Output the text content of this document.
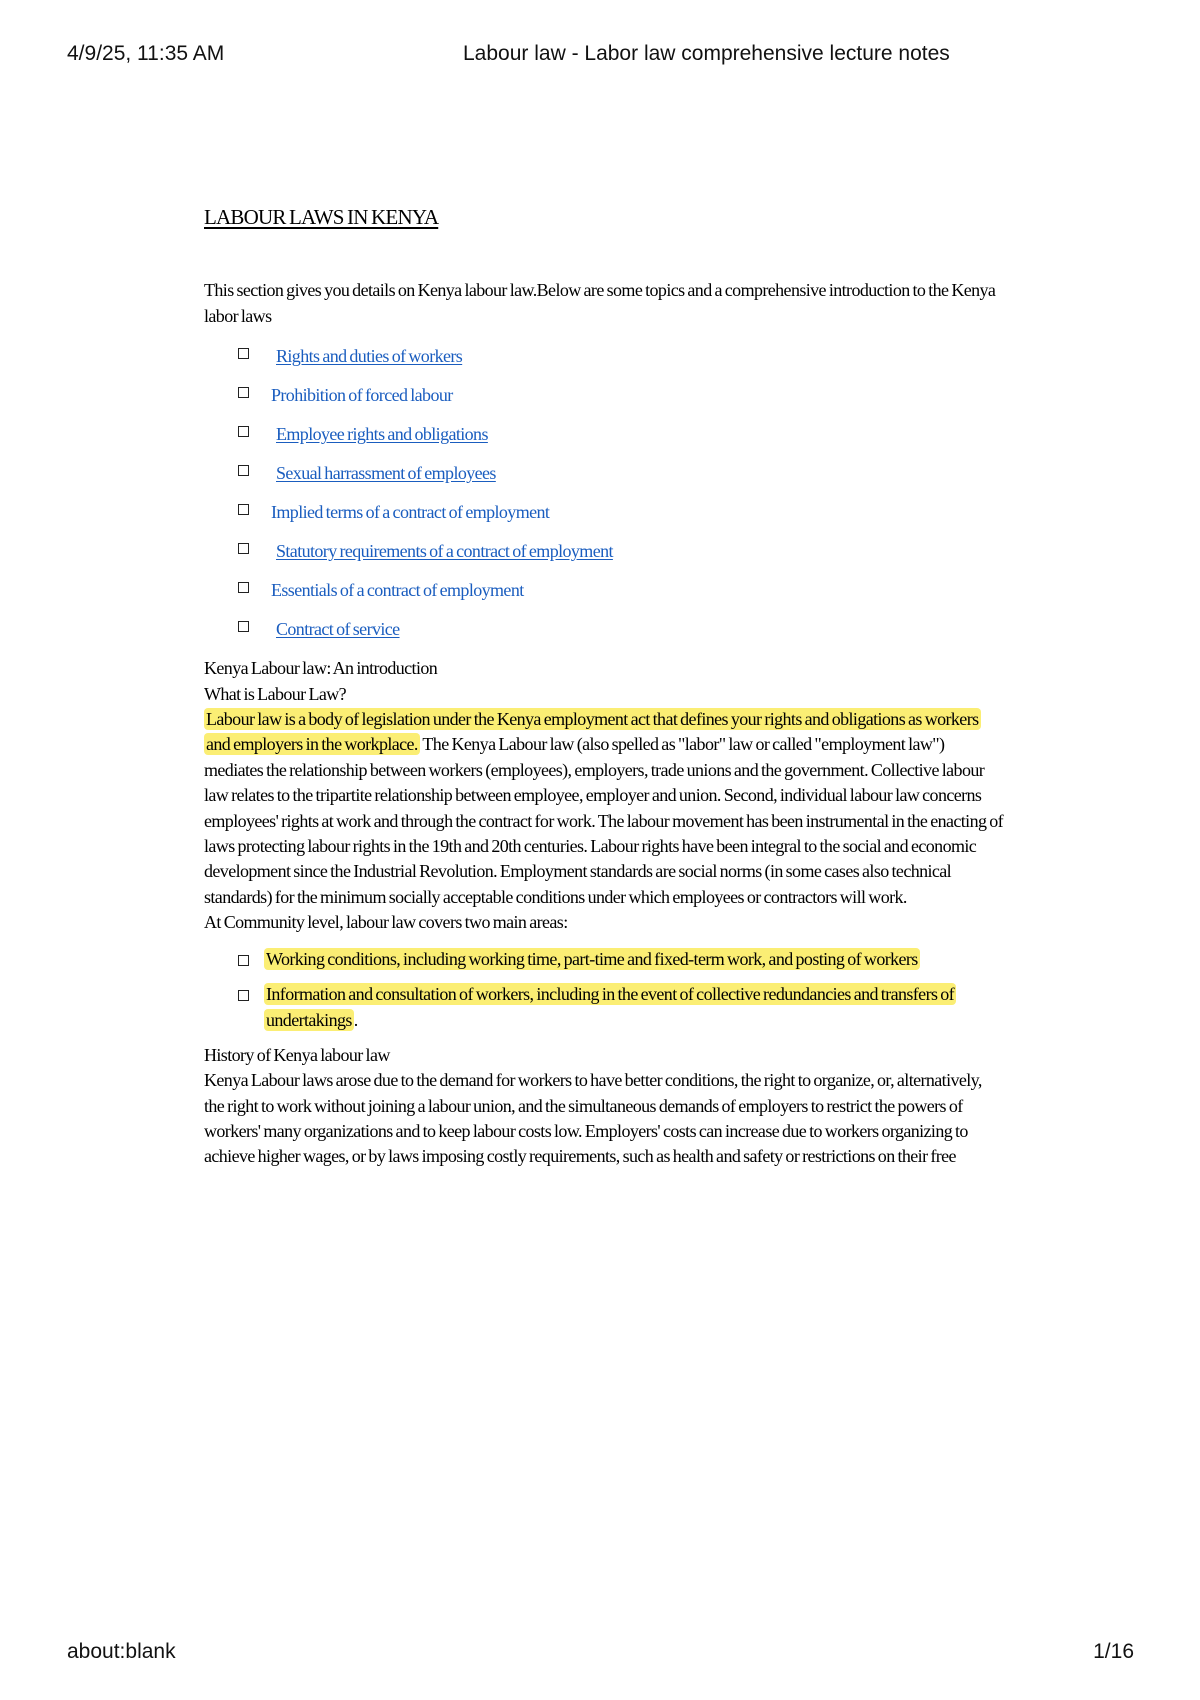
4/9/25, 11:35 AM	Labour law - Labor law comprehensive lecture notes
LABOUR LAWS IN KENYA

This section gives you details on Kenya labour law.Below are some topics and a comprehensive introduction to the Kenya labor laws

Rights and duties of workers
Prohibition of forced labour
Employee rights and obligations
Sexual harrassment of employees
Implied terms of a contract of employment
Statutory requirements of a contract of employment
Essentials of a contract of employment
Contract of service

Kenya Labour law: An introduction

What is Labour Law?

Labour law is a body of legislation under the Kenya employment act that defines your rights and obligations as workers and employers in the workplace. The Kenya Labour law (also spelled as "labor" law or called "employment law") mediates the relationship between workers (employees), employers, trade unions and the government. Collective labour law relates to the tripartite relationship between employee, employer and union. Second, individual labour law concerns employees' rights at work and through the contract for work. The labour movement has been instrumental in the enacting of laws protecting labour rights in the 19th and 20th centuries. Labour rights have been integral to the social and economic development since the Industrial Revolution. Employment standards are social norms (in some cases also technical standards) for the minimum socially acceptable conditions under which employees or contractors will work.

At Community level, labour law covers two main areas:

Working conditions, including working time, part-time and fixed-term work, and posting of workers
Information and consultation of workers, including in the event of collective redundancies and transfers of undertakings .

History of Kenya labour law

Kenya Labour laws arose due to the demand for workers to have better conditions, the right to organize, or, alternatively, the right to work without joining a labour union, and the simultaneous demands of employers to restrict the powers of workers' many organizations and to keep labour costs low. Employers' costs can increase due to workers organizing to achieve higher wages, or by laws imposing costly requirements, such as health and safety or restrictions on their free

about:blank	1/16
